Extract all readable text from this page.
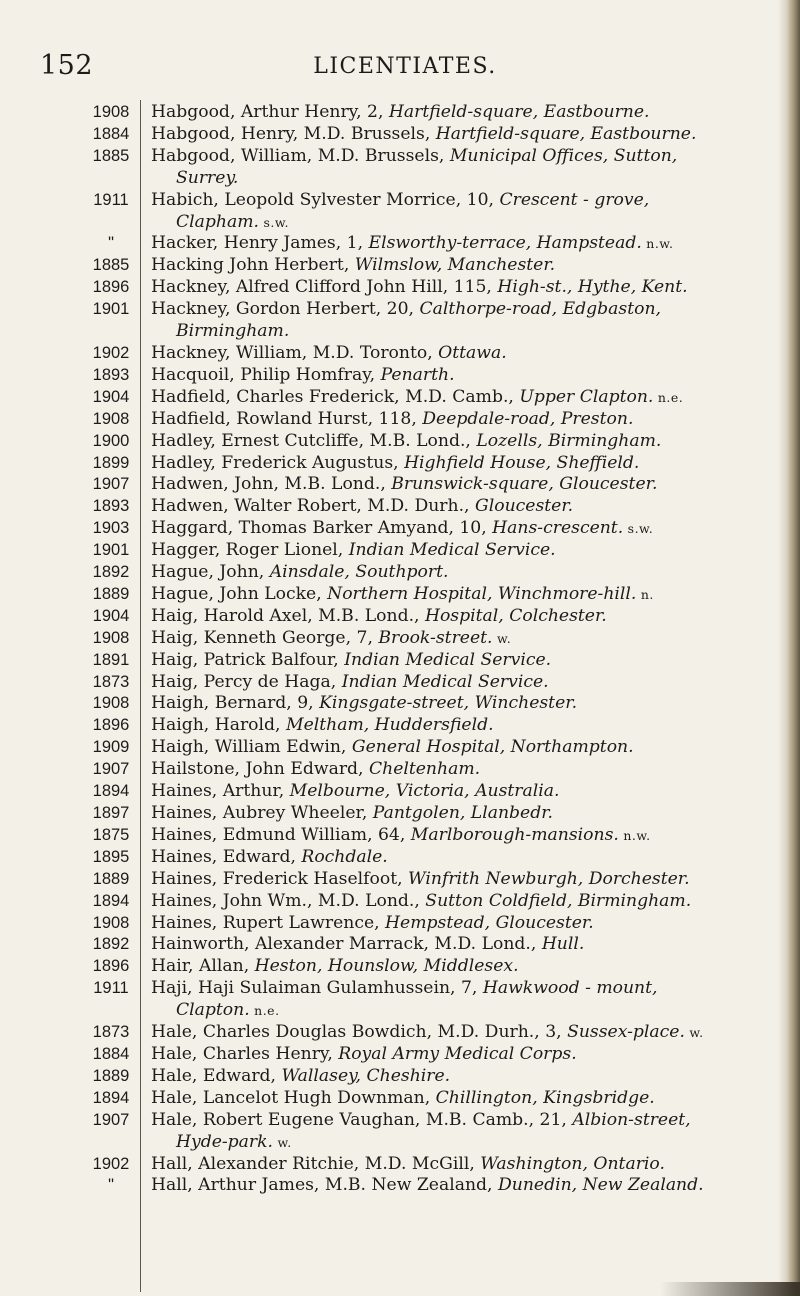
152	LICENTIATES.
1908	Habgood, Arthur Henry, 2, Hartfield-square, Eastbourne.
1884	Habgood, Henry, M.D. Brussels, Hartfield-square, Eastbourne.
1885	Habgood, William, M.D. Brussels, Municipal Offices, Sutton,
Surrey.
1911	Habich, Leopold Sylvester Morrice, 10, Crescent - grove,
Clapham. s.w.
"	Hacker, Henry James, 1, Elsworthy-terrace, Hampstead. n.w.
1885	Hacking John Herbert, Wilmslow, Manchester.
1896	Hackney, Alfred Clifford John Hill, 115, High-st., Hythe, Kent.
1901	Hackney, Gordon Herbert, 20, Calthorpe-road, Edgbaston,
Birmingham.
1902	Hackney, William, M.D. Toronto, Ottawa.
1893	Hacquoil, Philip Homfray, Penarth.
1904	Hadfield, Charles Frederick, M.D. Camb., Upper Clapton. n.e.
1908	Hadfield, Rowland Hurst, 118, Deepdale-road, Preston.
1900	Hadley, Ernest Cutcliffe, M.B. Lond., Lozells, Birmingham.
1899	Hadley, Frederick Augustus, Highfield House, Sheffield.
1907	Hadwen, John, M.B. Lond., Brunswick-square, Gloucester.
1893	Hadwen, Walter Robert, M.D. Durh., Gloucester.
1903	Haggard, Thomas Barker Amyand, 10, Hans-crescent. s.w.
1901	Hagger, Roger Lionel, Indian Medical Service.
1892	Hague, John, Ainsdale, Southport.
1889	Hague, John Locke, Northern Hospital, Winchmore-hill. n.
1904	Haig, Harold Axel, M.B. Lond., Hospital, Colchester.
1908	Haig, Kenneth George, 7, Brook-street. w.
1891	Haig, Patrick Balfour, Indian Medical Service.
1873	Haig, Percy de Haga, Indian Medical Service.
1908	Haigh, Bernard, 9, Kingsgate-street, Winchester.
1896	Haigh, Harold, Meltham, Huddersfield.
1909	Haigh, William Edwin, General Hospital, Northampton.
1907	Hailstone, John Edward, Cheltenham.
1894	Haines, Arthur, Melbourne, Victoria, Australia.
1897	Haines, Aubrey Wheeler, Pantgolen, Llanbedr.
1875	Haines, Edmund William, 64, Marlborough-mansions. n.w.
1895	Haines, Edward, Rochdale.
1889	Haines, Frederick Haselfoot, Winfrith Newburgh, Dorchester.
1894	Haines, John Wm., M.D. Lond., Sutton Coldfield, Birmingham.
1908	Haines, Rupert Lawrence, Hempstead, Gloucester.
1892	Hainworth, Alexander Marrack, M.D. Lond., Hull.
1896	Hair, Allan, Heston, Hounslow, Middlesex.
1911	Haji, Haji Sulaiman Gulamhussein, 7, Hawkwood - mount,
Clapton. n.e.
1873	Hale, Charles Douglas Bowdich, M.D. Durh., 3, Sussex-place. w.
1884	Hale, Charles Henry, Royal Army Medical Corps.
1889	Hale, Edward, Wallasey, Cheshire.
1894	Hale, Lancelot Hugh Downman, Chillington, Kingsbridge.
1907	Hale, Robert Eugene Vaughan, M.B. Camb., 21, Albion-street,
Hyde-park. w.
1902	Hall, Alexander Ritchie, M.D. McGill, Washington, Ontario.
"	Hall, Arthur James, M.B. New Zealand, Dunedin, New Zealand.
